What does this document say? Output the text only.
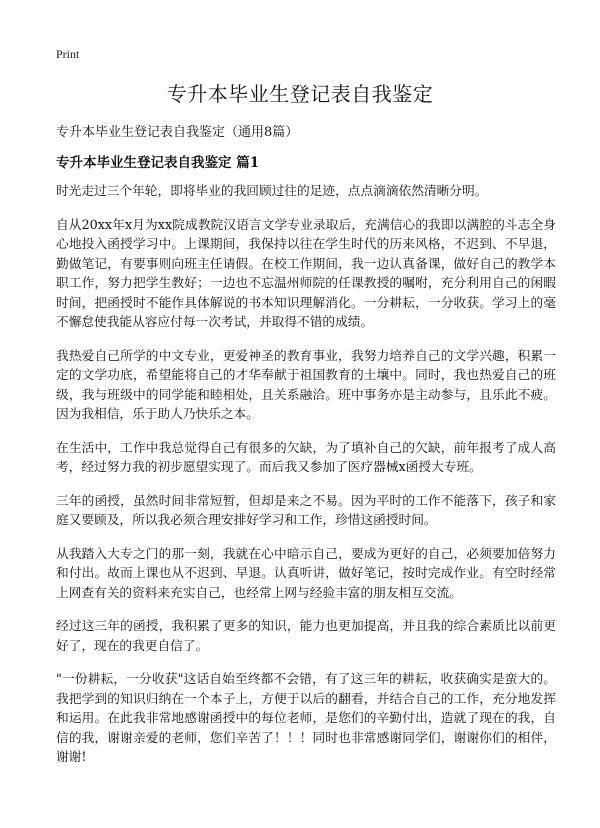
Print
专升本毕业生登记表自我鉴定

专升本毕业生登记表自我鉴定（通用8篇）

专升本毕业生登记表自我鉴定 篇1

时光走过三个年轮，即将毕业的我回顾过往的足迹，点点滴滴依然清晰分明。

自从20xx年x月为xx院成教院汉语言文学专业录取后，充满信心的我即以满腔的斗志全身心地投入函授学习中。上课期间，我保持以往在学生时代的历来风格，不迟到、不早退，勤做笔记，有要事则向班主任请假。在校工作期间，我一边认真备课，做好自己的教学本职工作，努力把学生教好；一边也不忘温州师院的任课教授的嘱咐，充分利用自己的闲暇时间，把函授时不能作具体解说的书本知识理解消化。一分耕耘，一分收获。学习上的毫不懈怠使我能从容应付每一次考试，并取得不错的成绩。

我热爱自己所学的中文专业，更爱神圣的教育事业，我努力培养自己的文学兴趣，积累一定的文学功底，希望能将自己的才华奉献于祖国教育的土壤中。同时，我也热爱自己的班级，我与班级中的同学能和睦相处，且关系融洽。班中事务亦是主动参与，且乐此不疲。因为我相信，乐于助人乃快乐之本。

在生活中，工作中我总觉得自己有很多的欠缺，为了填补自己的欠缺，前年报考了成人高考，经过努力我的初步愿望实现了。而后我又参加了医疗器械x函授大专班。

三年的函授，虽然时间非常短暂，但却是来之不易。因为平时的工作不能落下，孩子和家庭又要顾及，所以我必须合理安排好学习和工作，珍惜这函授时间。

从我踏入大专之门的那一刻，我就在心中暗示自己，要成为更好的自己，必须要加倍努力和付出。故而上课也从不迟到、早退。认真听讲，做好笔记，按时完成作业。有空时经常上网查有关的资料来充实自己，也经常上网与经验丰富的朋友相互交流。

经过这三年的函授，我积累了更多的知识，能力也更加提高，并且我的综合素质比以前更好了，现在的我更自信了。

"一份耕耘，一分收获"这话自始至终都不会错，有了这三年的耕耘，收获确实是蛮大的。我把学到的知识归纳在一个本子上，方便于以后的翻看，并结合自己的工作，充分地发挥和运用。在此我非常地感谢函授中的每位老师，是您们的辛勤付出，造就了现在的我，自信的我，谢谢亲爱的老师，您们辛苦了！！！同时也非常感谢同学们，谢谢你们的相伴，谢谢!
